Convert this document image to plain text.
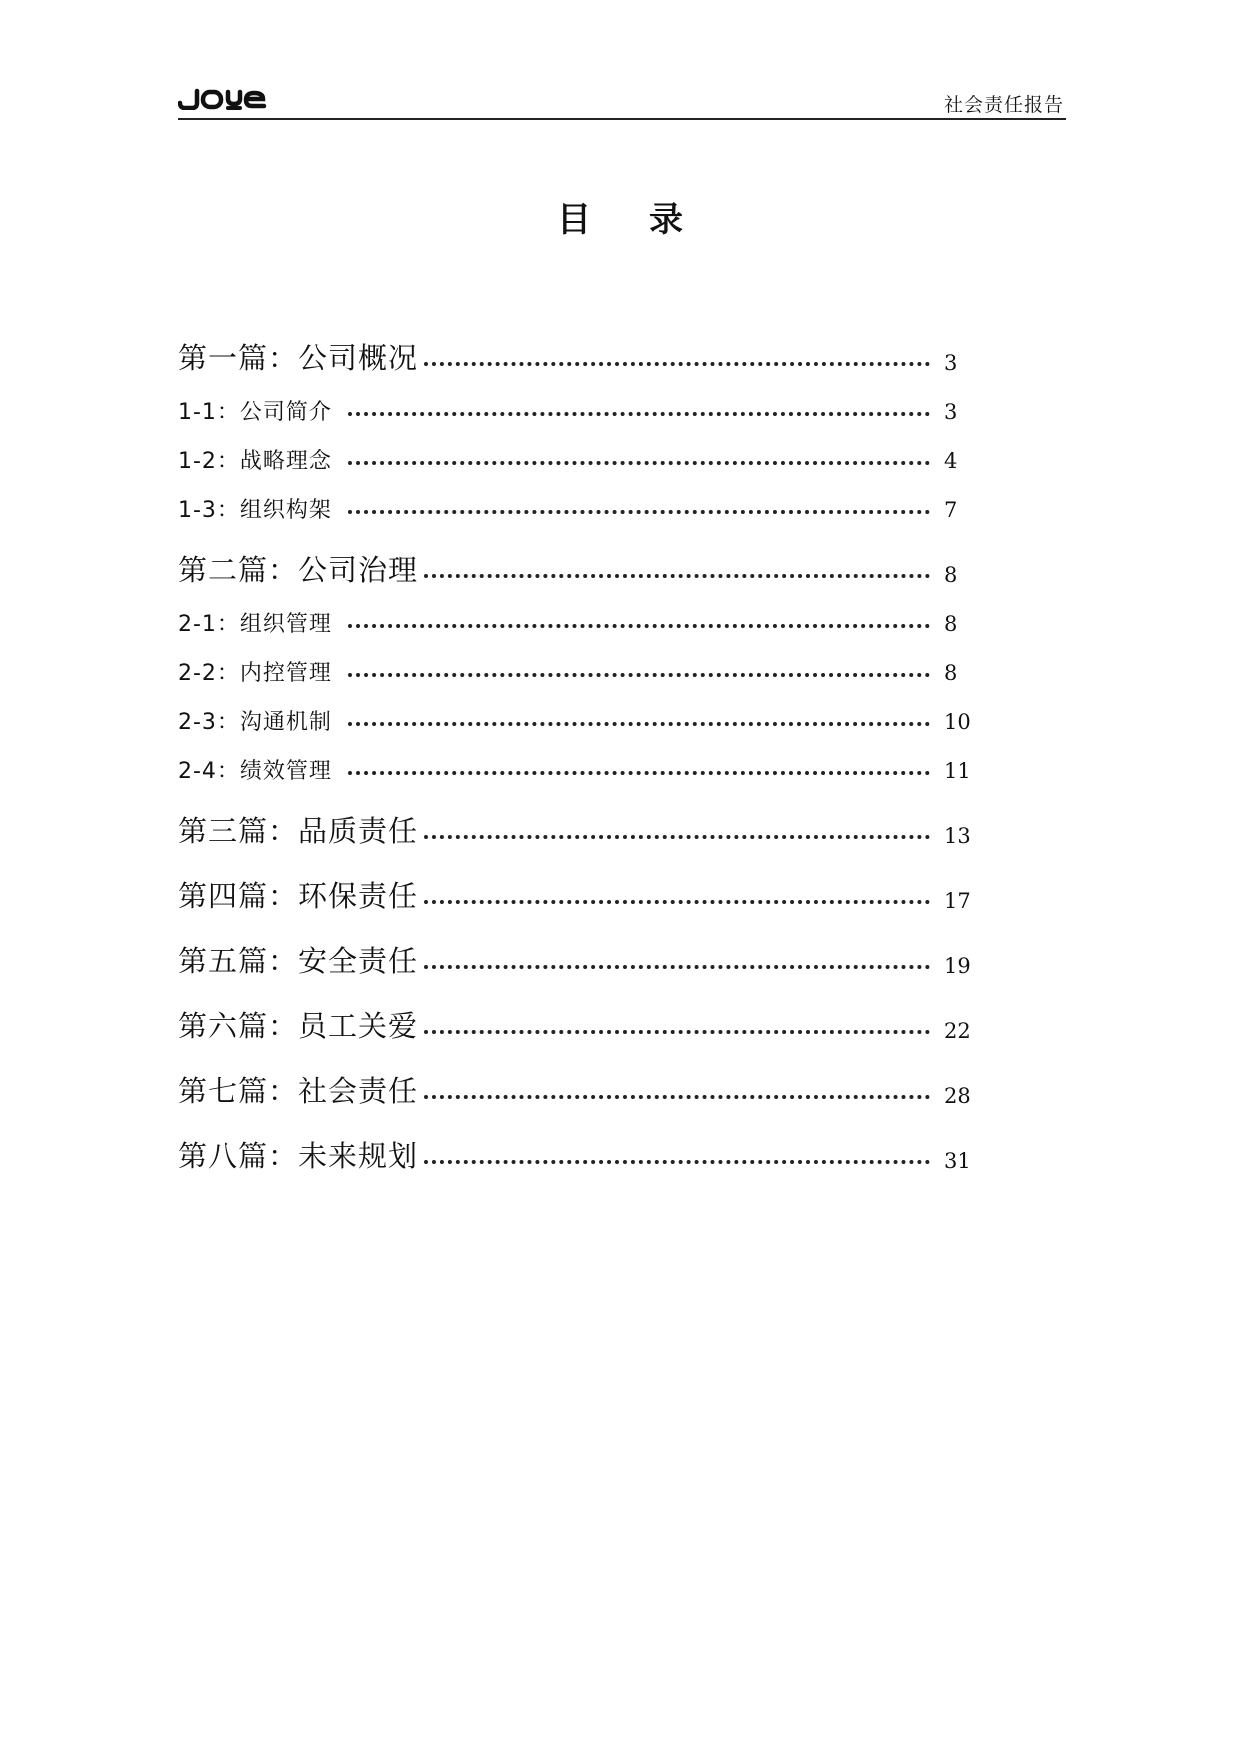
社会责任报告
目录
第一篇：公司概况	3
1-1：公司简介	3
1-2：战略理念	4
1-3：组织构架	7
第二篇：公司治理	8
2-1：组织管理	8
2-2：内控管理	8
2-3：沟通机制	10
2-4：绩效管理	11
第三篇：品质责任	13
第四篇：环保责任	17
第五篇：安全责任	19
第六篇：员工关爱	22
第七篇：社会责任	28
第八篇：未来规划	31
